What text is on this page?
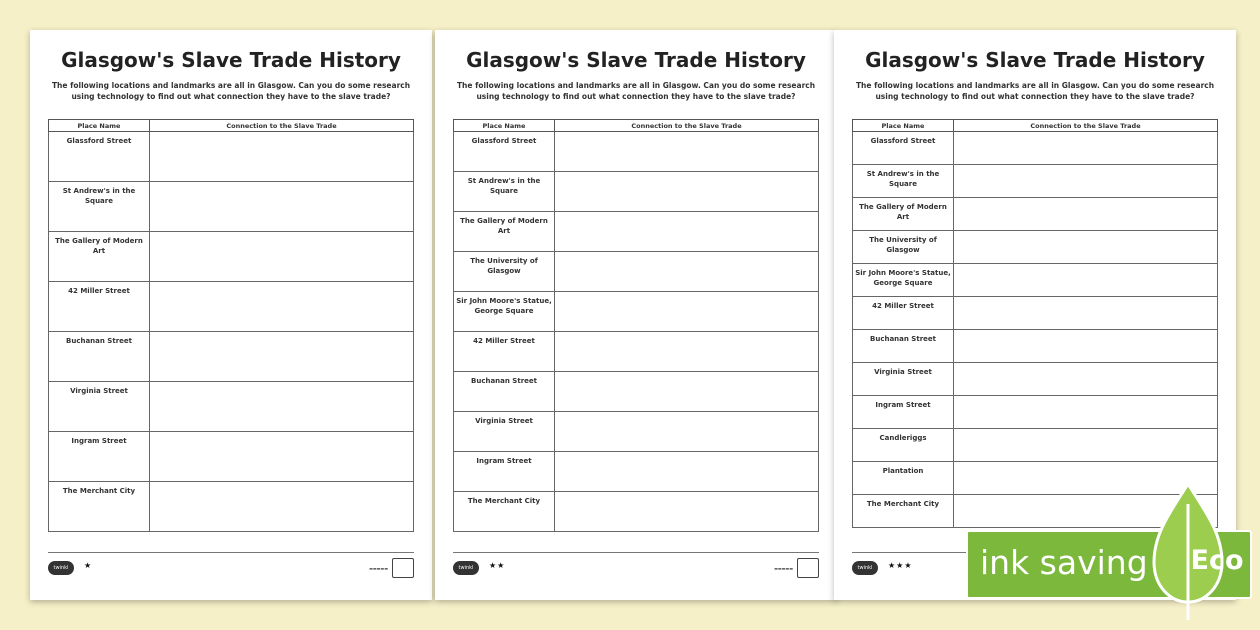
Glasgow's Slave Trade History
The following locations and landmarks are all in Glasgow. Can you do some research using technology to find out what connection they have to the slave trade?
Place Name	Connection to the Slave Trade
Glassford Street	
St Andrew's in the Square	
The Gallery of Modern Art	
42 Miller Street	
Buchanan Street	
Virginia Street	
Ingram Street	
The Merchant City	
twinkl	★	▬▬▬▬▬
Glasgow's Slave Trade History
The following locations and landmarks are all in Glasgow. Can you do some research using technology to find out what connection they have to the slave trade?
Place Name	Connection to the Slave Trade
Glassford Street	
St Andrew's in the Square	
The Gallery of Modern Art	
The University of Glasgow	
Sir John Moore's Statue, George Square	
42 Miller Street	
Buchanan Street	
Virginia Street	
Ingram Street	
The Merchant City	
twinkl	★★	▬▬▬▬▬
Glasgow's Slave Trade History
The following locations and landmarks are all in Glasgow. Can you do some research using technology to find out what connection they have to the slave trade?
Place Name	Connection to the Slave Trade
Glassford Street	
St Andrew's in the Square	
The Gallery of Modern Art	
The University of Glasgow	
Sir John Moore's Statue, George Square	
42 Miller Street	
Buchanan Street	
Virginia Street	
Ingram Street	
Candleriggs	
Plantation	
The Merchant City	
twinkl	★★★ ink saving Eco
